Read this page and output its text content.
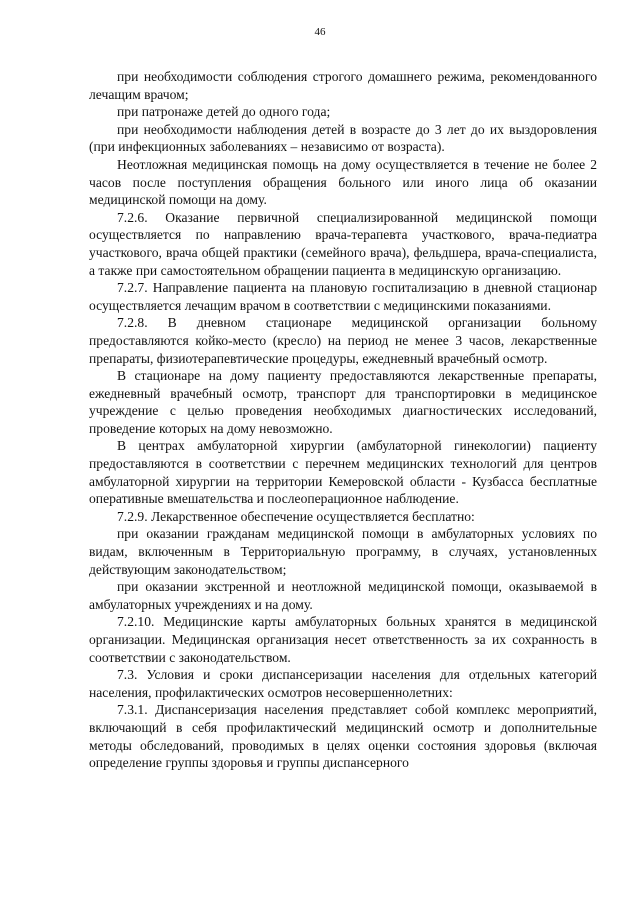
46

при необходимости соблюдения строгого домашнего режима, рекомендованного лечащим врачом;

при патронаже детей до одного года;

при необходимости наблюдения детей в возрасте до 3 лет до их выздоровления (при инфекционных заболеваниях – независимо от возраста).

Неотложная медицинская помощь на дому осуществляется в течение не более 2 часов после поступления обращения больного или иного лица об оказании медицинской помощи на дому.

7.2.6. Оказание первичной специализированной медицинской помощи осуществляется по направлению врача-терапевта участкового, врача-педиатра участкового, врача общей практики (семейного врача), фельдшера, врача-специалиста, а также при самостоятельном обращении пациента в медицинскую организацию.

7.2.7. Направление пациента на плановую госпитализацию в дневной стационар осуществляется лечащим врачом в соответствии с медицинскими показаниями.

7.2.8. В дневном стационаре медицинской организации больному предоставляются койко-место (кресло) на период не менее 3 часов, лекарственные препараты, физиотерапевтические процедуры, ежедневный врачебный осмотр.

В стационаре на дому пациенту предоставляются лекарственные препараты, ежедневный врачебный осмотр, транспорт для транспортировки в медицинское учреждение с целью проведения необходимых диагностических исследований, проведение которых на дому невозможно.

В центрах амбулаторной хирургии (амбулаторной гинекологии) пациенту предоставляются в соответствии с перечнем медицинских технологий для центров амбулаторной хирургии на территории Кемеровской области - Кузбасса бесплатные оперативные вмешательства и послеоперационное наблюдение.

7.2.9. Лекарственное обеспечение осуществляется бесплатно:

при оказании гражданам медицинской помощи в амбулаторных условиях по видам, включенным в Территориальную программу, в случаях, установленных действующим законодательством;

при оказании экстренной и неотложной медицинской помощи, оказываемой в амбулаторных учреждениях и на дому.

7.2.10. Медицинские карты амбулаторных больных хранятся в медицинской организации. Медицинская организация несет ответственность за их сохранность в соответствии с законодательством.

7.3. Условия и сроки диспансеризации населения для отдельных категорий населения, профилактических осмотров несовершеннолетних:

7.3.1. Диспансеризация населения представляет собой комплекс мероприятий, включающий в себя профилактический медицинский осмотр и дополнительные методы обследований, проводимых в целях оценки состояния здоровья (включая определение группы здоровья и группы диспансерного
